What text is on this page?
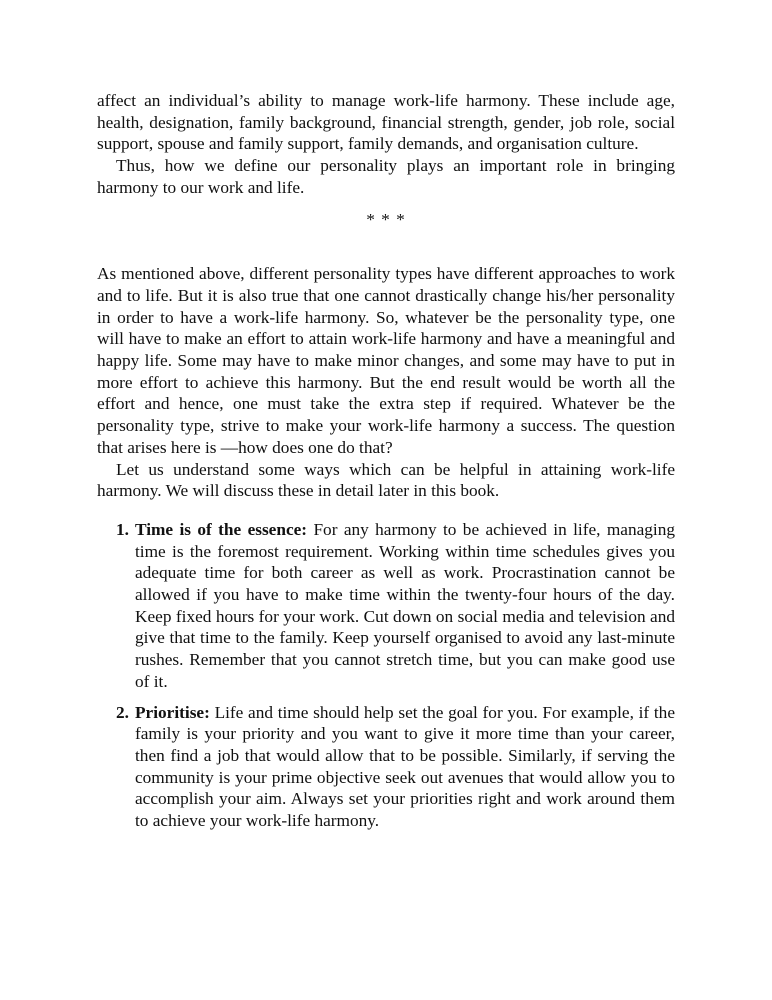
affect an individual’s ability to manage work-life harmony. These include age, health, designation, family background, financial strength, gender, job role, social support, spouse and family support, family demands, and organisation culture.

Thus, how we define our personality plays an important role in bringing harmony to our work and life.

* * *

As mentioned above, different personality types have different approaches to work and to life. But it is also true that one cannot drastically change his/her personality in order to have a work-life harmony. So, whatever be the personality type, one will have to make an effort to attain work-life harmony and have a meaningful and happy life. Some may have to make minor changes, and some may have to put in more effort to achieve this harmony. But the end result would be worth all the effort and hence, one must take the extra step if required. Whatever be the personality type, strive to make your work-life harmony a success. The question that arises here is —how does one do that?

Let us understand some ways which can be helpful in attaining work-life harmony. We will discuss these in detail later in this book.

1. Time is of the essence: For any harmony to be achieved in life, managing time is the foremost requirement. Working within time schedules gives you adequate time for both career as well as work. Procrastination cannot be allowed if you have to make time within the twenty-four hours of the day. Keep fixed hours for your work. Cut down on social media and television and give that time to the family. Keep yourself organised to avoid any last-minute rushes. Remember that you cannot stretch time, but you can make good use of it.
2. Prioritise: Life and time should help set the goal for you. For example, if the family is your priority and you want to give it more time than your career, then find a job that would allow that to be possible. Similarly, if serving the community is your prime objective seek out avenues that would allow you to accomplish your aim. Always set your priorities right and work around them to achieve your work-life harmony.
